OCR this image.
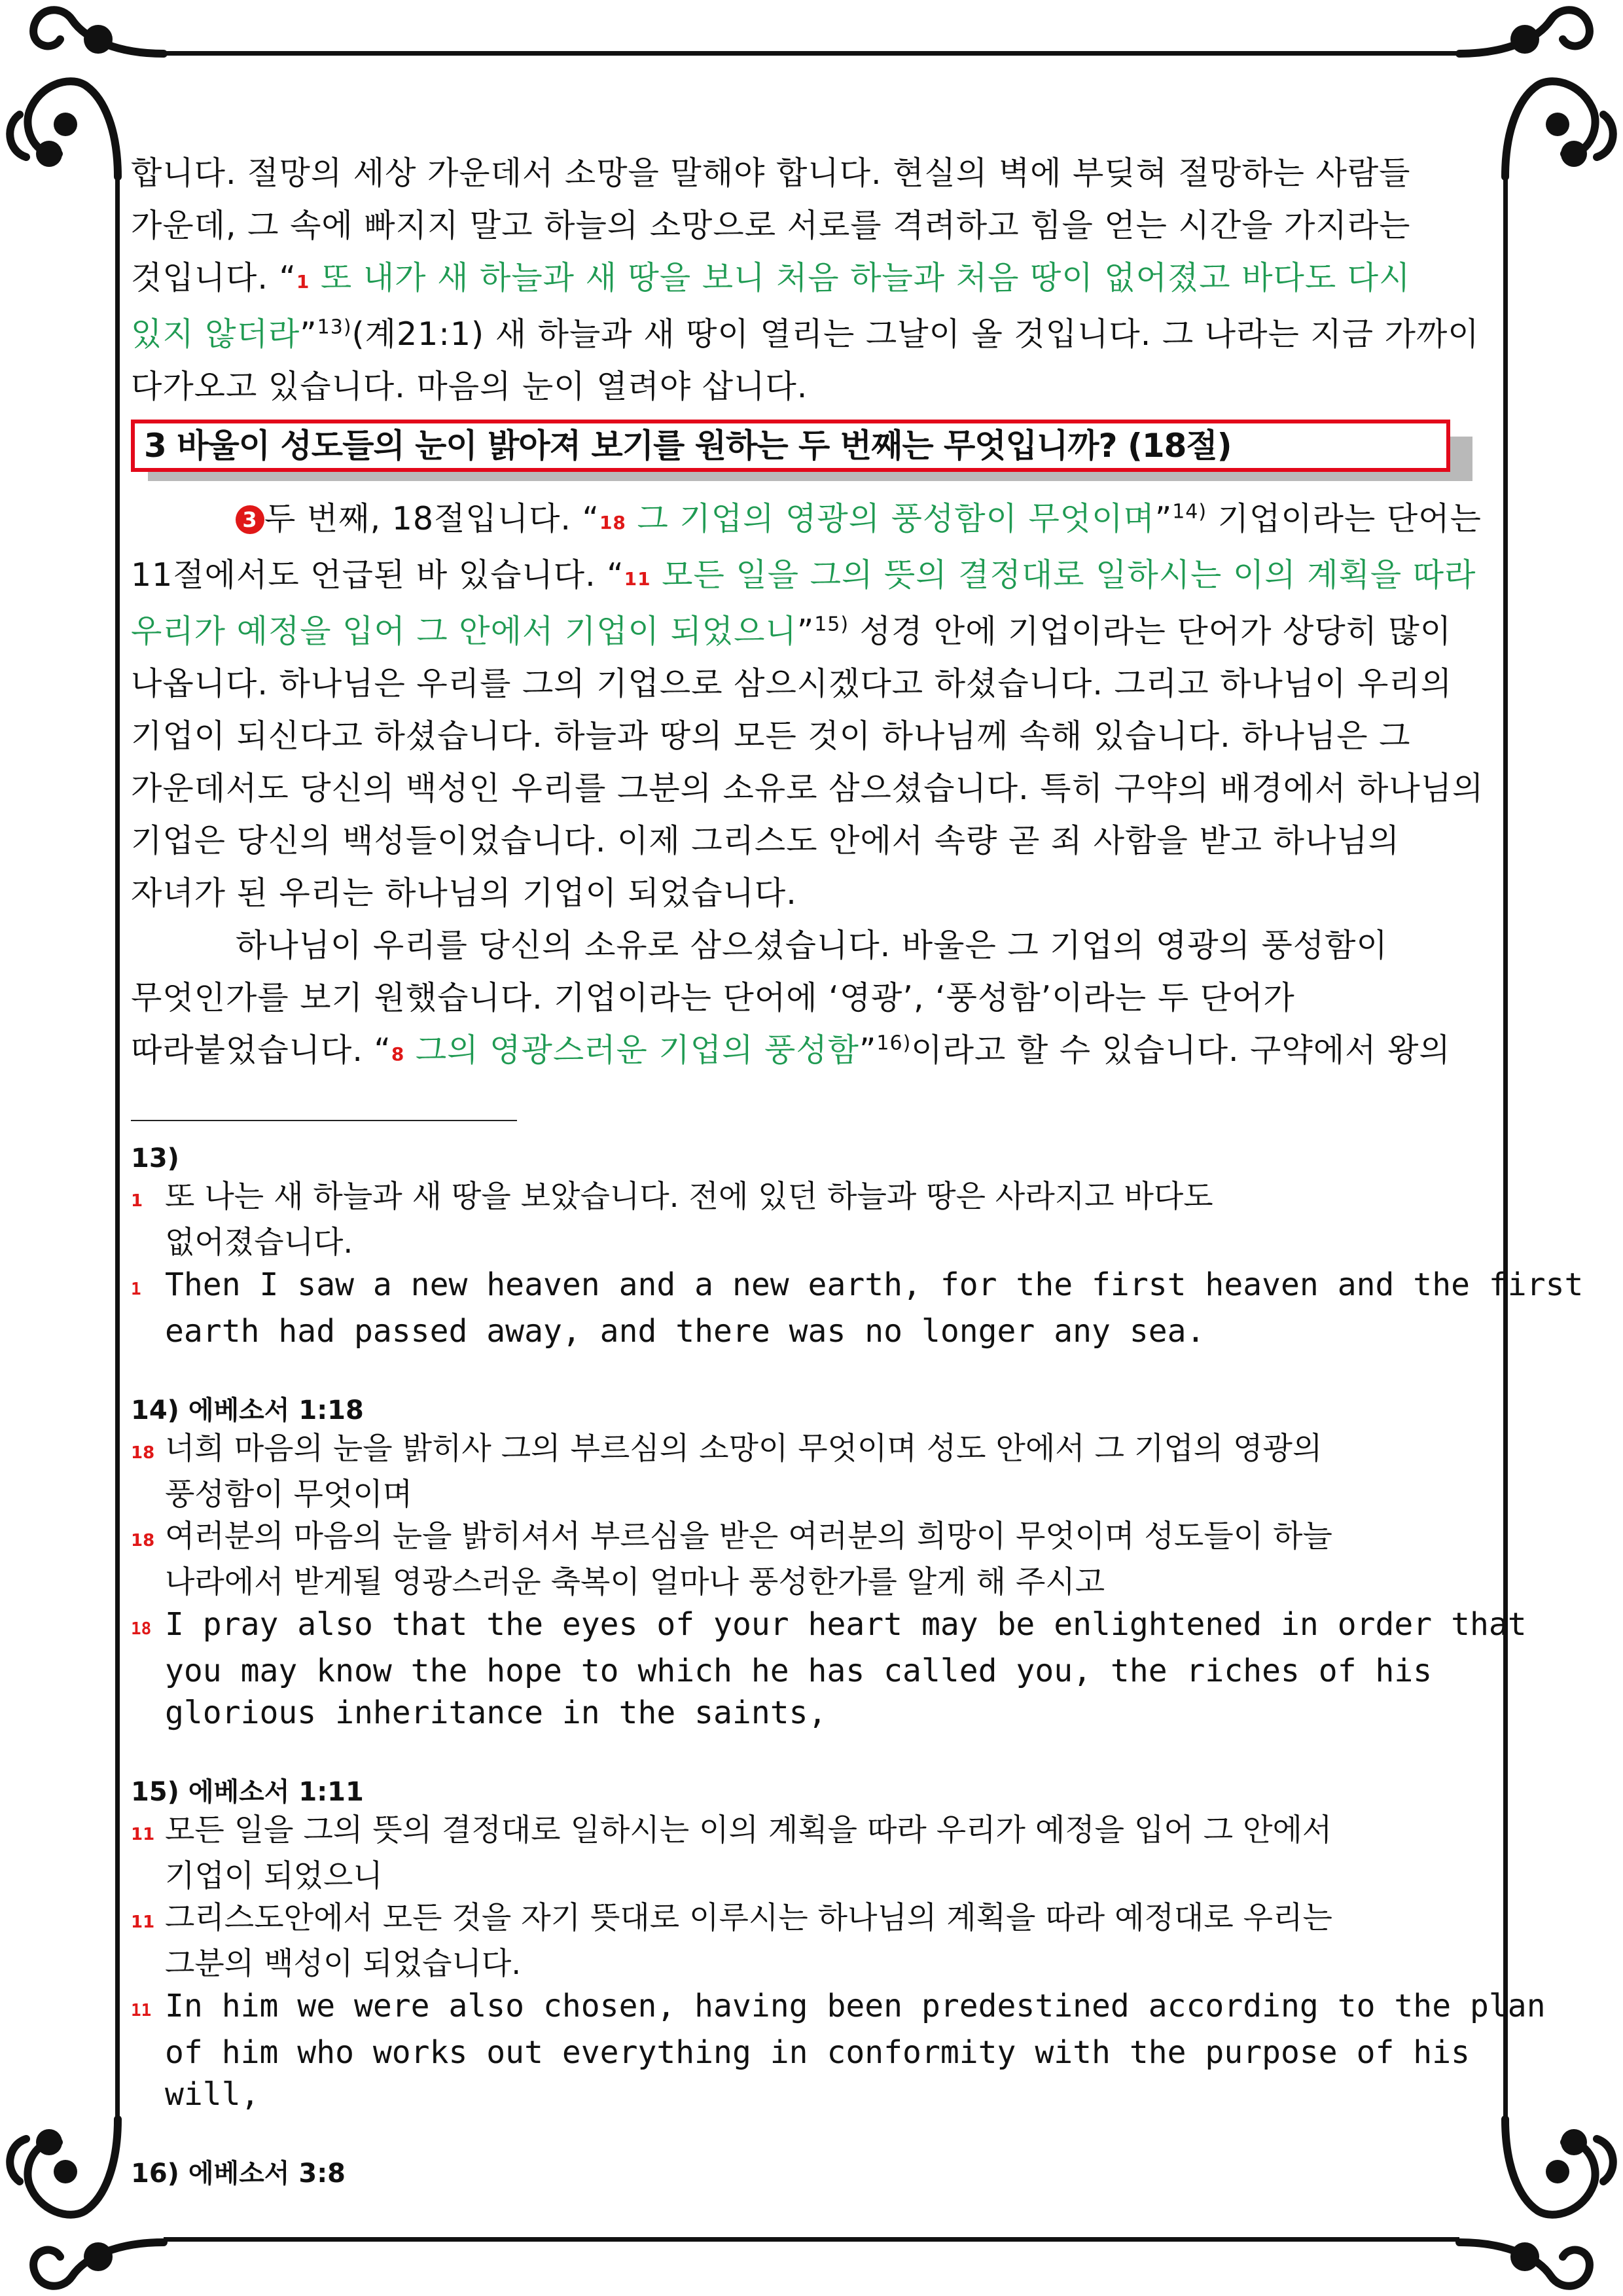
합니다. 절망의 세상 가운데서 소망을 말해야 합니다. 현실의 벽에 부딪혀 절망하는 사람들

가운데, 그 속에 빠지지 말고 하늘의 소망으로 서로를 격려하고 힘을 얻는 시간을 가지라는

것입니다. “1 또 내가 새 하늘과 새 땅을 보니 처음 하늘과 처음 땅이 없어졌고 바다도 다시

있지 않더라”$^{13)}$(계21:1) 새 하늘과 새 땅이 열리는 그날이 올 것입니다. 그 나라는 지금 가까이

다가오고 있습니다. 마음의 눈이 열려야 삽니다.

3 바울이 성도들의 눈이 밝아져 보기를 원하는 두 번째는 무엇입니까? (18절)

3 두 번째, 18절입니다. “18 그 기업의 영광의 풍성함이 무엇이며”$^{14)}$ 기업이라는 단어는

11절에서도 언급된 바 있습니다. “11 모든 일을 그의 뜻의 결정대로 일하시는 이의 계획을 따라

우리가 예정을 입어 그 안에서 기업이 되었으니”$^{15)}$ 성경 안에 기업이라는 단어가 상당히 많이

나옵니다. 하나님은 우리를 그의 기업으로 삼으시겠다고 하셨습니다. 그리고 하나님이 우리의

기업이 되신다고 하셨습니다. 하늘과 땅의 모든 것이 하나님께 속해 있습니다. 하나님은 그

가운데서도 당신의 백성인 우리를 그분의 소유로 삼으셨습니다. 특히 구약의 배경에서 하나님의

기업은 당신의 백성들이었습니다. 이제 그리스도 안에서 속량 곧 죄 사함을 받고 하나님의

자녀가 된 우리는 하나님의 기업이 되었습니다.

하나님이 우리를 당신의 소유로 삼으셨습니다. 바울은 그 기업의 영광의 풍성함이

무엇인가를 보기 원했습니다. 기업이라는 단어에 ‘영광’, ‘풍성함’이라는 두 단어가

따라붙었습니다. “8 그의 영광스러운 기업의 풍성함”$^{16)}$이라고 할 수 있습니다. 구약에서 왕의

13)

1 또 나는 새 하늘과 새 땅을 보았습니다. 전에 있던 하늘과 땅은 사라지고 바다도
없어졌습니다.

1 Then I saw a new heaven and a new earth, for the first heaven and the first
earth had passed away, and there was no longer any sea.

14) 에베소서 1:18

18 너희 마음의 눈을 밝히사 그의 부르심의 소망이 무엇이며 성도 안에서 그 기업의 영광의
풍성함이 무엇이며

18 여러분의 마음의 눈을 밝히셔서 부르심을 받은 여러분의 희망이 무엇이며 성도들이 하늘
나라에서 받게될 영광스러운 축복이 얼마나 풍성한가를 알게 해 주시고

18 I pray also that the eyes of your heart may be enlightened in order that
you may know the hope to which he has called you, the riches of his
glorious inheritance in the saints,

15) 에베소서 1:11

11 모든 일을 그의 뜻의 결정대로 일하시는 이의 계획을 따라 우리가 예정을 입어 그 안에서
기업이 되었으니

11 그리스도안에서 모든 것을 자기 뜻대로 이루시는 하나님의 계획을 따라 예정대로 우리는
그분의 백성이 되었습니다.

11 In him we were also chosen, having been predestined according to the plan
of him who works out everything in conformity with the purpose of his
will,

16) 에베소서 3:8
